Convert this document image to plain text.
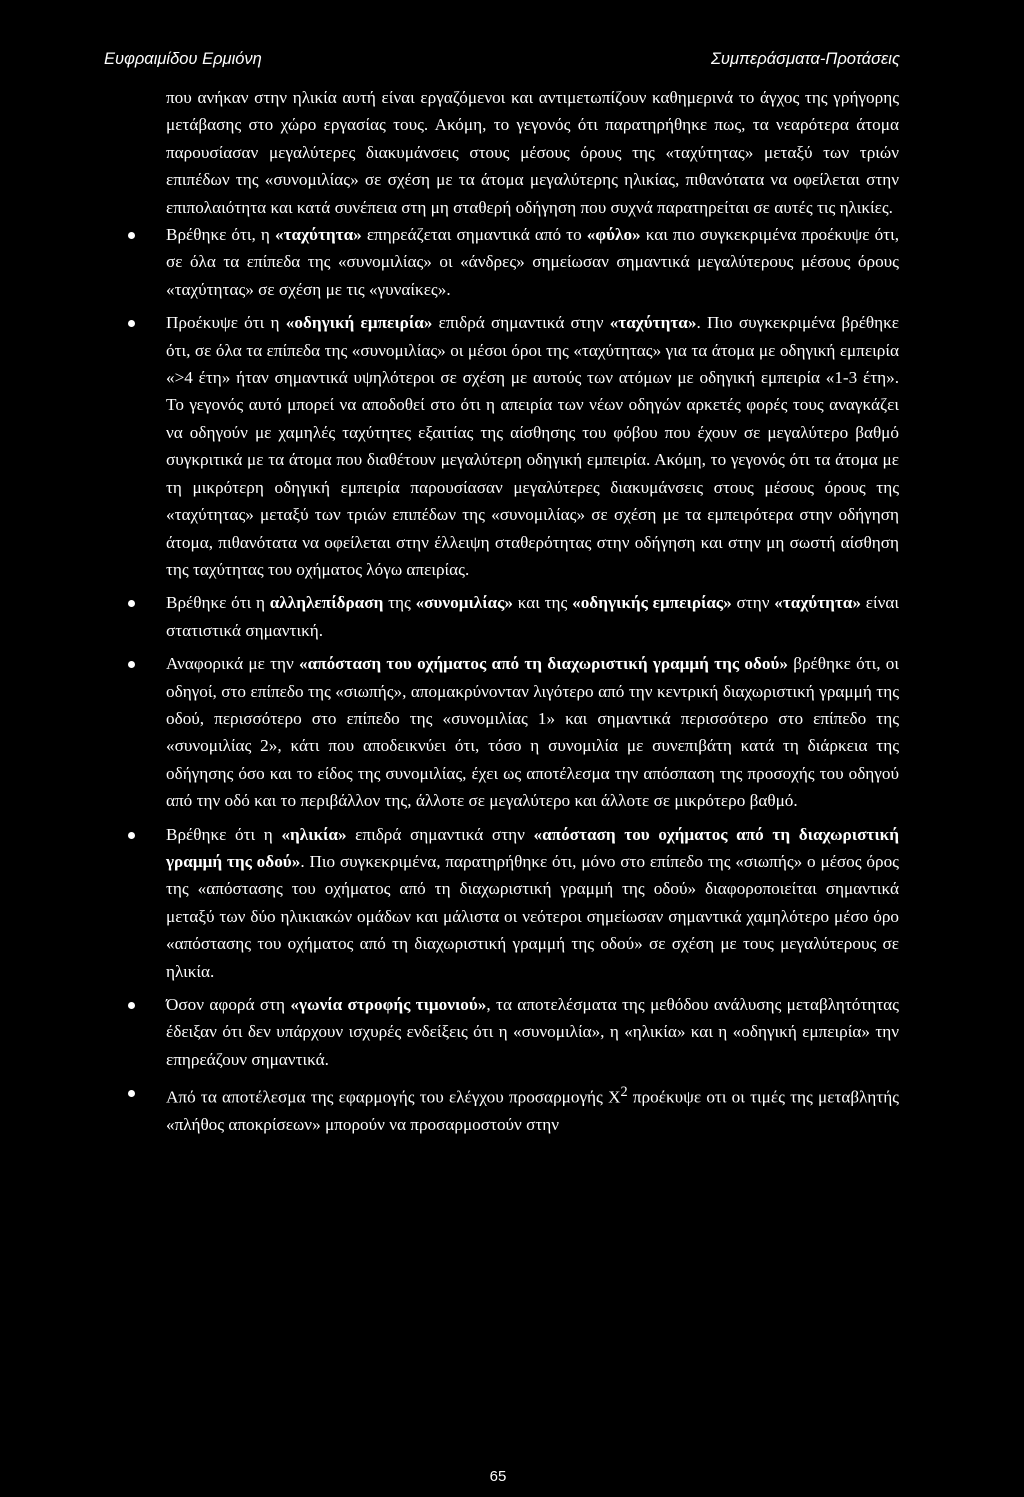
Ευφραιμίδου Ερμιόνη	Συμπεράσματα-Προτάσεις

που ανήκαν στην ηλικία αυτή είναι εργαζόμενοι και αντιμετωπίζουν καθημερινά το άγχος της γρήγορης μετάβασης στο χώρο εργασίας τους. Ακόμη, το γεγονός ότι παρατηρήθηκε πως, τα νεαρότερα άτομα παρουσίασαν μεγαλύτερες διακυμάνσεις στους μέσους όρους της «ταχύτητας» μεταξύ των τριών επιπέδων της «συνομιλίας» σε σχέση με τα άτομα μεγαλύτερης ηλικίας, πιθανότατα να οφείλεται στην επιπολαιότητα και κατά συνέπεια στη μη σταθερή οδήγηση που συχνά παρατηρείται σε αυτές τις ηλικίες.

Βρέθηκε ότι, η «ταχύτητα» επηρεάζεται σημαντικά από το «φύλο» και πιο συγκεκριμένα προέκυψε ότι, σε όλα τα επίπεδα της «συνομιλίας» οι «άνδρες» σημείωσαν σημαντικά μεγαλύτερους μέσους όρους «ταχύτητας» σε σχέση με τις «γυναίκες».
Προέκυψε ότι η «οδηγική εμπειρία» επιδρά σημαντικά στην «ταχύτητα». Πιο συγκεκριμένα βρέθηκε ότι, σε όλα τα επίπεδα της «συνομιλίας» οι μέσοι όροι της «ταχύτητας» για τα άτομα με οδηγική εμπειρία «>4 έτη» ήταν σημαντικά υψηλότεροι σε σχέση με αυτούς των ατόμων με οδηγική εμπειρία «1-3 έτη». Το γεγονός αυτό μπορεί να αποδοθεί στο ότι η απειρία των νέων οδηγών αρκετές φορές τους αναγκάζει να οδηγούν με χαμηλές ταχύτητες εξαιτίας της αίσθησης του φόβου που έχουν σε μεγαλύτερο βαθμό συγκριτικά με τα άτομα που διαθέτουν μεγαλύτερη οδηγική εμπειρία. Ακόμη, το γεγονός ότι τα άτομα με τη μικρότερη οδηγική εμπειρία παρουσίασαν μεγαλύτερες διακυμάνσεις στους μέσους όρους της «ταχύτητας» μεταξύ των τριών επιπέδων της «συνομιλίας» σε σχέση με τα εμπειρότερα στην οδήγηση άτομα, πιθανότατα να οφείλεται στην έλλειψη σταθερότητας στην οδήγηση και στην μη σωστή αίσθηση της ταχύτητας του οχήματος λόγω απειρίας.
Βρέθηκε ότι η αλληλεπίδραση της «συνομιλίας» και της «οδηγικής εμπειρίας» στην «ταχύτητα» είναι στατιστικά σημαντική.
Αναφορικά με την «απόσταση του οχήματος από τη διαχωριστική γραμμή της οδού» βρέθηκε ότι, οι οδηγοί, στο επίπεδο της «σιωπής», απομακρύνονταν λιγότερο από την κεντρική διαχωριστική γραμμή της οδού, περισσότερο στο επίπεδο της «συνομιλίας 1» και σημαντικά περισσότερο στο επίπεδο της «συνομιλίας 2», κάτι που αποδεικνύει ότι, τόσο η συνομιλία με συνεπιβάτη κατά τη διάρκεια της οδήγησης όσο και το είδος της συνομιλίας, έχει ως αποτέλεσμα την απόσπαση της προσοχής του οδηγού από την οδό και το περιβάλλον της, άλλοτε σε μεγαλύτερο και άλλοτε σε μικρότερο βαθμό.
Βρέθηκε ότι η «ηλικία» επιδρά σημαντικά στην «απόσταση του οχήματος από τη διαχωριστική γραμμή της οδού». Πιο συγκεκριμένα, παρατηρήθηκε ότι, μόνο στο επίπεδο της «σιωπής» ο μέσος όρος της «απόστασης του οχήματος από τη διαχωριστική γραμμή της οδού» διαφοροποιείται σημαντικά μεταξύ των δύο ηλικιακών ομάδων και μάλιστα οι νεότεροι σημείωσαν σημαντικά χαμηλότερο μέσο όρο «απόστασης του οχήματος από τη διαχωριστική γραμμή της οδού» σε σχέση με τους μεγαλύτερους σε ηλικία.
Όσον αφορά στη «γωνία στροφής τιμονιού», τα αποτελέσματα της μεθόδου ανάλυσης μεταβλητότητας έδειξαν ότι δεν υπάρχουν ισχυρές ενδείξεις ότι η «συνομιλία», η «ηλικία» και η «οδηγική εμπειρία» την επηρεάζουν σημαντικά.
Από τα αποτέλεσμα της εφαρμογής του ελέγχου προσαρμογής $X^2$ προέκυψε οτι οι τιμές της μεταβλητής «πλήθος αποκρίσεων» μπορούν να προσαρμοστούν στην
65
